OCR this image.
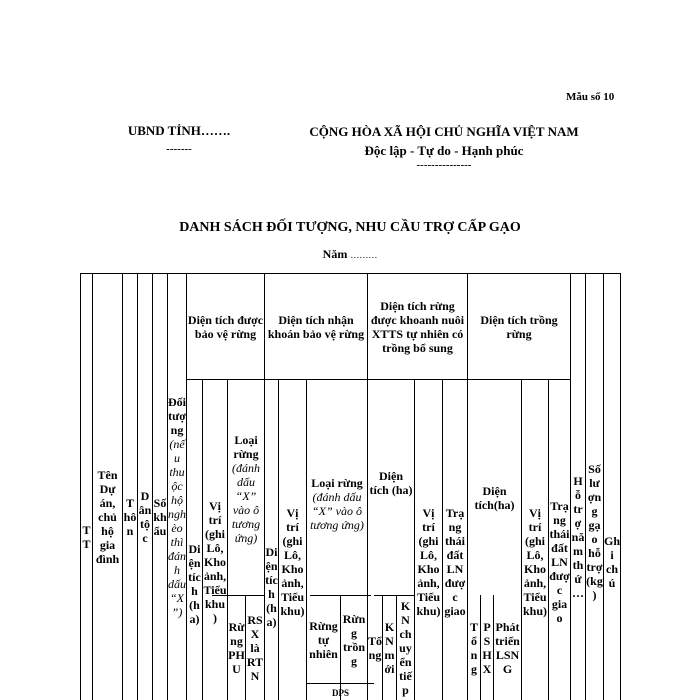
Mẫu số 10
UBND TỈNH…….
-------
CỘNG HÒA XÃ HỘI CHỦ NGHĨA VIỆT NAM
Độc lập - Tự do - Hạnh phúc
---------------
DANH SÁCH ĐỐI TƯỢNG, NHU CẦU TRỢ CẤP GẠO
Năm ………
TT
Tên Dự án, chủ hộ gia đình
Thôn
Dân tộc
Số khẩu
Đối tượng
(nếu thuộc hộ nghèo thì đánh dấu “X”)
Diện tích được bảo vệ rừng
Diện tích nhận khoán bảo vệ rừng
Diện tích rừng được khoanh nuôi XTTS tự nhiên có trồng bổ sung
Diện tích trồng rừng
Hỗ trợ năm thứ…
Số lượng gạo hỗ trợ (kg)
Ghi chú
Diện tích (ha)
Vị trí (ghi Lô, Khoảnh, Tiểu khu)
Loại rừng
(đánh dấu “X” vào ô tương ứng)
Rừng PHU
RSX là RTN
Diện tích (ha)
Vị trí (ghi Lô, Khoảnh, Tiểu khu)
Loại rừng
(đánh dấu “X” vào ô tương ứng)
Rừng tự nhiên
Rừng trồng
Diện tích (ha)
Tổng
KN mới
KN chuyển tiếp
Vị trí (ghi Lô, Khoảnh, Tiểu khu)
Trạng thái đất LN được giao
Diện tích(ha)
Tổng
PSHX
Phát triển LSNG
Vị trí (ghi Lô, Khoảnh, Tiểu khu)
Trạng thái đất LN được giao
DPS
